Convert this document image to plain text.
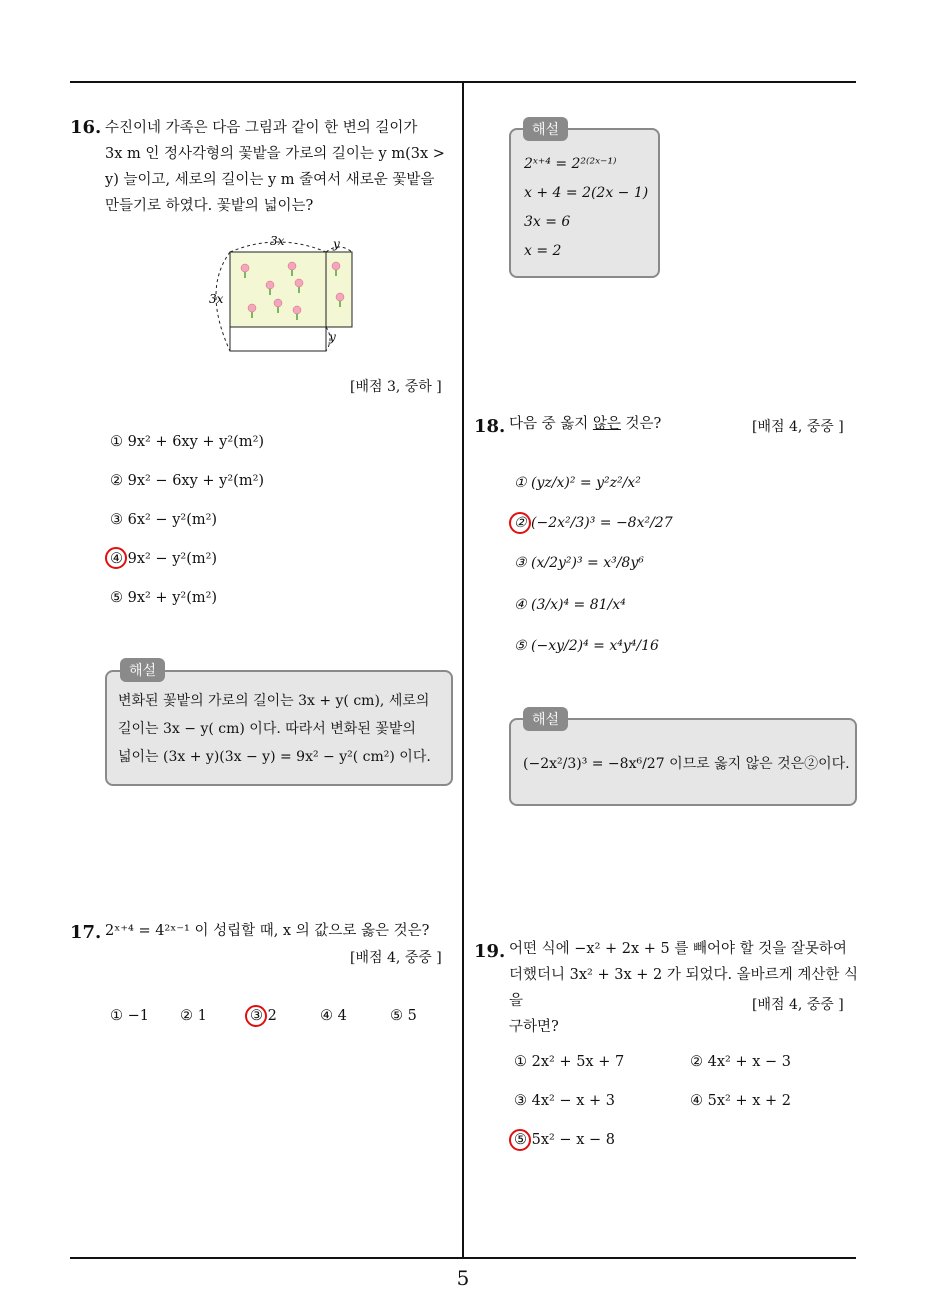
5
16. 수진이네 가족은 다음 그림과 같이 한 변의 길이가
3x m 인 정사각형의 꽃밭을 가로의 길이는 y m(3x >
y) 늘이고, 세로의 길이는 y m 줄여서 새로운 꽃밭을
만들기로 하였다. 꽃밭의 넓이는?
3x	y
3x
y
[배점 3, 중하 ]
① 9x² + 6xy + y²(m²)
② 9x² − 6xy + y²(m²)
③ 6x² − y²(m²)
④ 9x² − y²(m²)
⑤ 9x² + y²(m²)
해설
변화된 꽃밭의 가로의 길이는 3x + y( cm), 세로의
길이는 3x − y( cm) 이다. 따라서 변화된 꽃밭의
넓이는 (3x + y)(3x − y) = 9x² − y²( cm²) 이다.
17. 2ˣ⁺⁴ = 4²ˣ⁻¹ 이 성립할 때, x 의 값으로 옳은 것은?
[배점 4, 중중 ]
① −1 ② 1	③ 2	④ 4	⑤ 5
해설
2ˣ⁺⁴ = 2²⁽²ˣ⁻¹⁾
x + 4 = 2(2x − 1)
3x = 6
x = 2
18. 다음 중 옳지 않은 것은?	[배점 4, 중중 ]
① (yz/x)² = y²z²/x²
② (−2x²/3)³ = −8x²/27
③ (x/2y²)³ = x³/8y⁶
④ (3/x)⁴ = 81/x⁴
⑤ (−xy/2)⁴ = x⁴y⁴/16
해설
(−2x²/3)³ = −8x⁶/27 이므로 옳지 않은 것은②이다.
19. 어떤 식에 −x² + 2x + 5 를 빼어야 할 것을 잘못하여
더했더니 3x² + 3x + 2 가 되었다. 올바르게 계산한 식을
구하면?
[배점 4, 중중 ]
① 2x² + 5x + 7	② 4x² + x − 3
③ 4x² − x + 3	④ 5x² + x + 2
⑤ 5x² − x − 8
